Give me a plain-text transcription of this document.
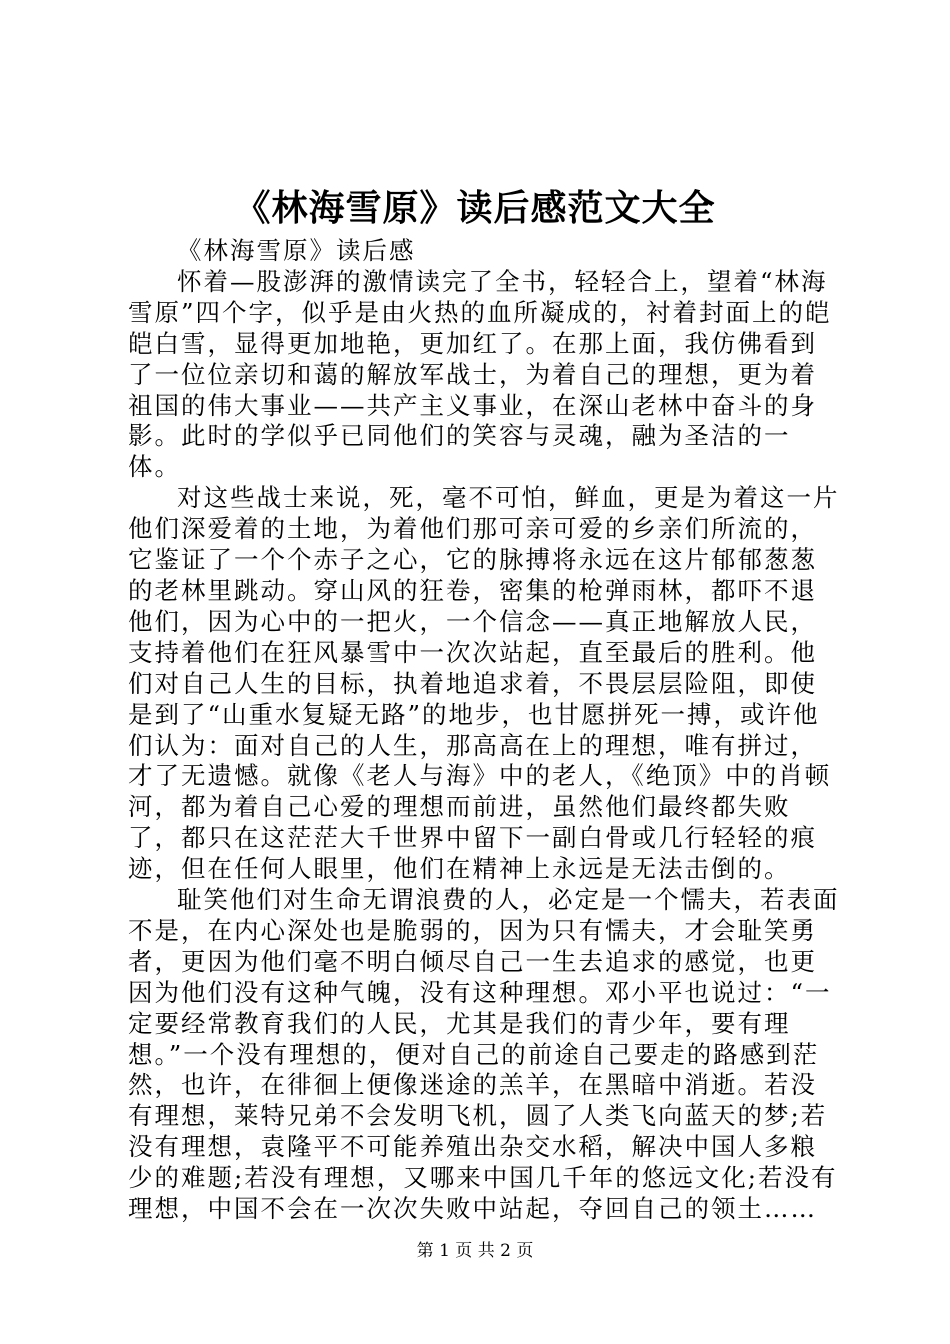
《林海雪原》读后感范文大全

《林海雪原》读后感

怀着—股澎湃的激情读完了全书，轻轻合上，望着“林海雪原”四个字，似乎是由火热的血所凝成的，衬着封面上的皑皑白雪，显得更加地艳，更加红了。在那上面，我仿佛看到了一位位亲切和蔼的解放军战士，为着自己的理想，更为着祖国的伟大事业——共产主义事业，在深山老林中奋斗的身影。此时的学似乎已同他们的笑容与灵魂，融为圣洁的一体。

对这些战士来说，死，毫不可怕，鲜血，更是为着这一片他们深爱着的土地，为着他们那可亲可爱的乡亲们所流的，它鉴证了一个个赤子之心，它的脉搏将永远在这片郁郁葱葱的老林里跳动。穿山风的狂卷，密集的枪弹雨林，都吓不退他们，因为心中的一把火，一个信念——真正地解放人民，支持着他们在狂风暴雪中一次次站起，直至最后的胜利。他们对自己人生的目标，执着地追求着，不畏层层险阻，即使是到了“山重水复疑无路”的地步，也甘愿拼死一搏，或许他们认为：面对自己的人生，那高高在上的理想，唯有拼过，才了无遗憾。就像《老人与海》中的老人，《绝顶》中的肖顿河，都为着自己心爱的理想而前进，虽然他们最终都失败了，都只在这茫茫大千世界中留下一副白骨或几行轻轻的痕迹，但在任何人眼里，他们在精神上永远是无法击倒的。

耻笑他们对生命无谓浪费的人，必定是一个懦夫，若表面不是，在内心深处也是脆弱的，因为只有懦夫，才会耻笑勇者，更因为他们毫不明白倾尽自己一生去追求的感觉，也更因为他们没有这种气魄，没有这种理想。邓小平也说过：“一定要经常教育我们的人民，尤其是我们的青少年，要有理想。”一个没有理想的，便对自己的前途自己要走的路感到茫然，也许，在徘徊上便像迷途的羔羊，在黑暗中消逝。若没有理想，莱特兄弟不会发明飞机，圆了人类飞向蓝天的梦;若没有理想，袁隆平不可能养殖出杂交水稻，解决中国人多粮少的难题;若没有理想，又哪来中国几千年的悠远文化;若没有理想，中国不会在一次次失败中站起，夺回自己的领土……

第 1 页 共 2 页
